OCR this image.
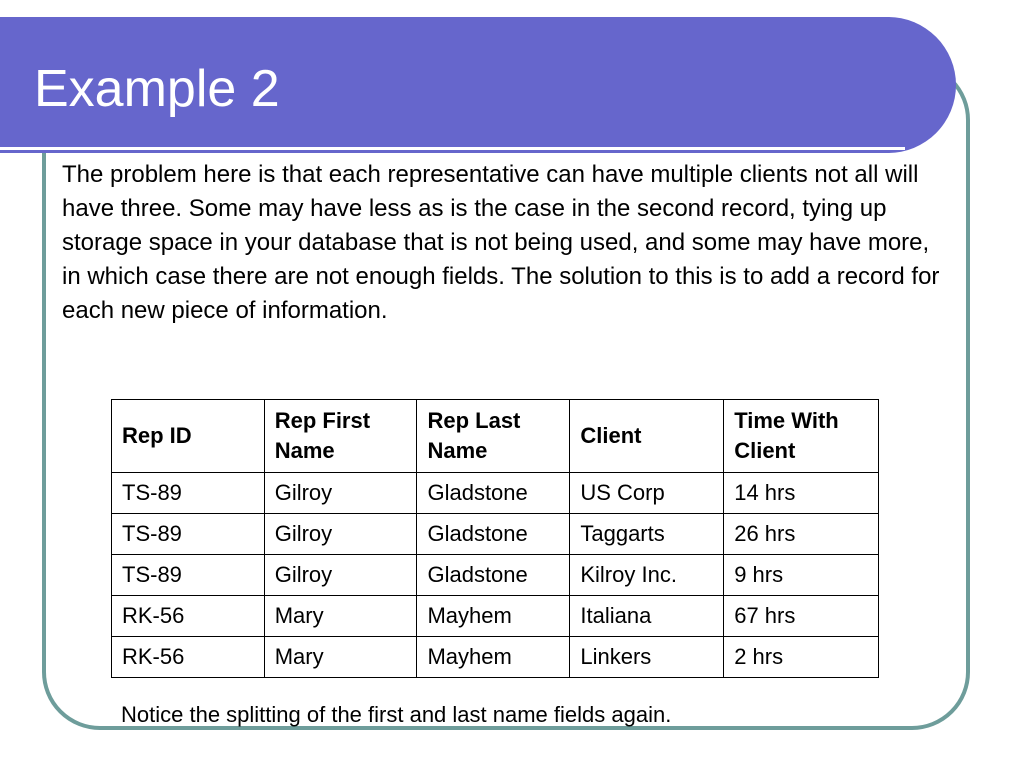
Example 2

The problem here is that each representative can have multiple clients not all will have three. Some may have less as is the case in the second record, tying up storage space in your database that is not being used, and some may have more, in which case there are not enough fields. The solution to this is to add a record for each new piece of information.

Rep ID	Rep First Name	Rep Last Name	Client	Time With Client
TS-89	Gilroy	Gladstone	US Corp	14 hrs
TS-89	Gilroy	Gladstone	Taggarts	26 hrs
TS-89	Gilroy	Gladstone	Kilroy Inc.	9 hrs
RK-56	Mary	Mayhem	Italiana	67 hrs
RK-56	Mary	Mayhem	Linkers	2 hrs

Notice the splitting of the first and last name fields again.
